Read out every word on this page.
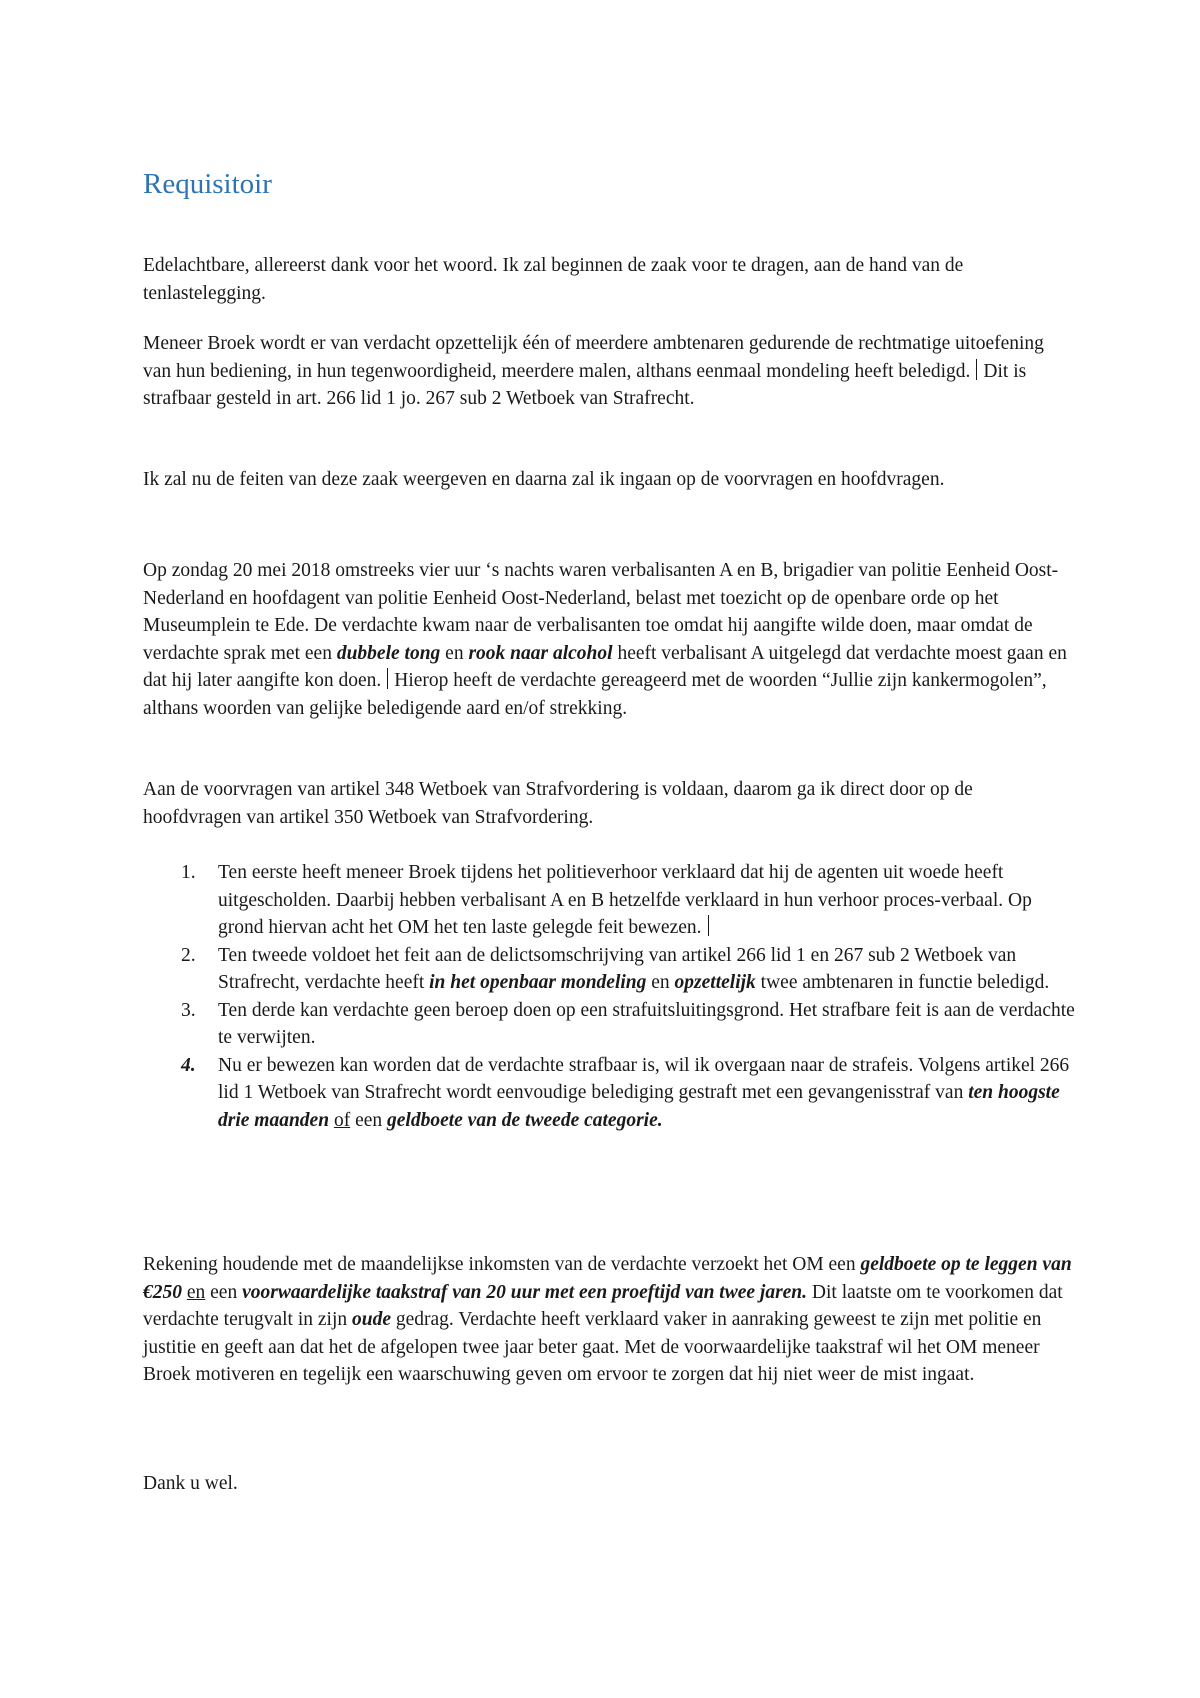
Requisitoir

Edelachtbare, allereerst dank voor het woord. Ik zal beginnen de zaak voor te dragen, aan de hand van de tenlastelegging.

Meneer Broek wordt er van verdacht opzettelijk één of meerdere ambtenaren gedurende de rechtmatige uitoefening van hun bediening, in hun tegenwoordigheid, meerdere malen, althans eenmaal mondeling heeft beledigd. Dit is strafbaar gesteld in art. 266 lid 1 jo. 267 sub 2 Wetboek van Strafrecht.

Ik zal nu de feiten van deze zaak weergeven en daarna zal ik ingaan op de voorvragen en hoofdvragen.

Op zondag 20 mei 2018 omstreeks vier uur ‘s nachts waren verbalisanten A en B, brigadier van politie Eenheid Oost-Nederland en hoofdagent van politie Eenheid Oost-Nederland, belast met toezicht op de openbare orde op het Museumplein te Ede. De verdachte kwam naar de verbalisanten toe omdat hij aangifte wilde doen, maar omdat de verdachte sprak met een dubbele tong en rook naar alcohol heeft verbalisant A uitgelegd dat verdachte moest gaan en dat hij later aangifte kon doen. Hierop heeft de verdachte gereageerd met de woorden “Jullie zijn kankermogolen”, althans woorden van gelijke beledigende aard en/of strekking.

Aan de voorvragen van artikel 348 Wetboek van Strafvordering is voldaan, daarom ga ik direct door op de hoofdvragen van artikel 350 Wetboek van Strafvordering.

1. Ten eerste heeft meneer Broek tijdens het politieverhoor verklaard dat hij de agenten uit woede heeft uitgescholden. Daarbij hebben verbalisant A en B hetzelfde verklaard in hun verhoor proces-verbaal. Op grond hiervan acht het OM het ten laste gelegde feit bewezen.
2. Ten tweede voldoet het feit aan de delictsomschrijving van artikel 266 lid 1 en 267 sub 2 Wetboek van Strafrecht, verdachte heeft in het openbaar mondeling en opzettelijk twee ambtenaren in functie beledigd.
3. Ten derde kan verdachte geen beroep doen op een strafuitsluitingsgrond. Het strafbare feit is aan de verdachte te verwijten.
4. Nu er bewezen kan worden dat de verdachte strafbaar is, wil ik overgaan naar de strafeis. Volgens artikel 266 lid 1 Wetboek van Strafrecht wordt eenvoudige belediging gestraft met een gevangenisstraf van ten hoogste drie maanden of een geldboete van de tweede categorie.

Rekening houdende met de maandelijkse inkomsten van de verdachte verzoekt het OM een geldboete op te leggen van €250 en een voorwaardelijke taakstraf van 20 uur met een proeftijd van twee jaren. Dit laatste om te voorkomen dat verdachte terugvalt in zijn oude gedrag. Verdachte heeft verklaard vaker in aanraking geweest te zijn met politie en justitie en geeft aan dat het de afgelopen twee jaar beter gaat. Met de voorwaardelijke taakstraf wil het OM meneer Broek motiveren en tegelijk een waarschuwing geven om ervoor te zorgen dat hij niet weer de mist ingaat.

Dank u wel.
